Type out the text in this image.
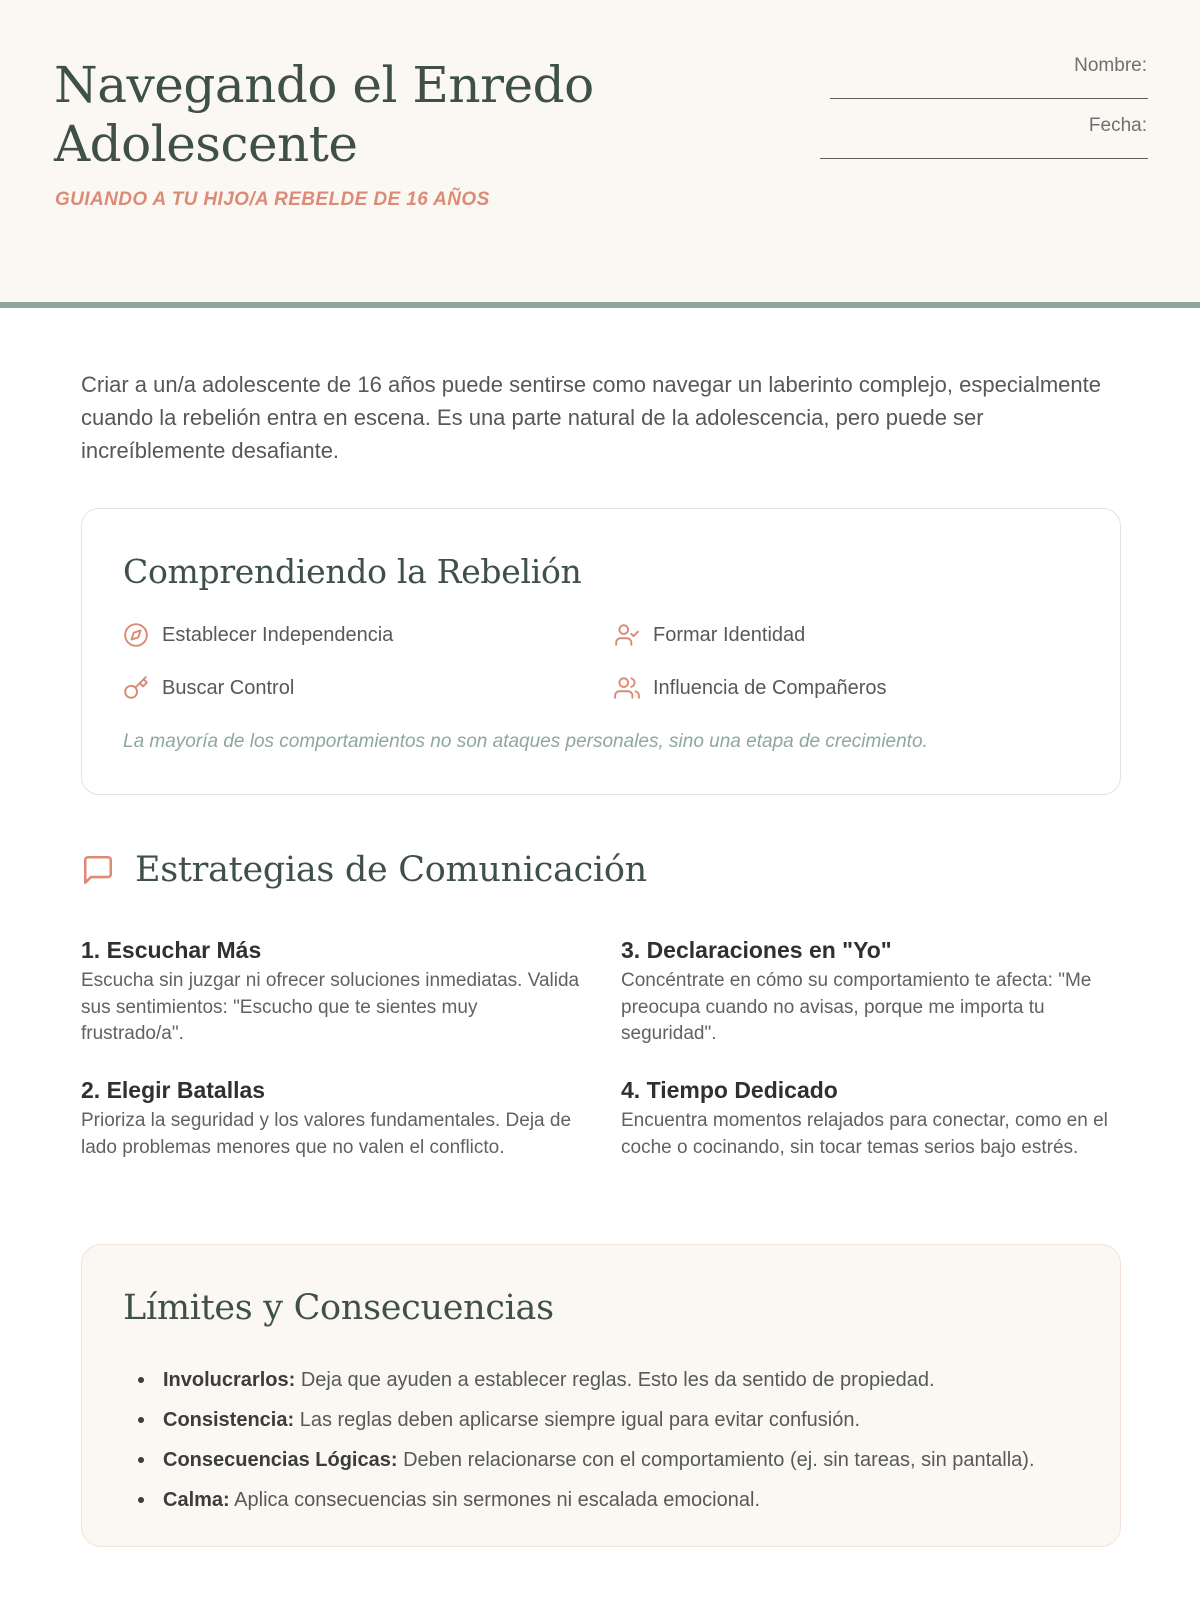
Navegando el Enredo Adolescente
GUIANDO A TU HIJO/A REBELDE DE 16 AÑOS
Nombre:
Fecha:

Criar a un/a adolescente de 16 años puede sentirse como navegar un laberinto complejo, especialmente cuando la rebelión entra en escena. Es una parte natural de la adolescencia, pero puede ser increíblemente desafiante.

Comprendiendo la Rebelión
Establecer Independencia	Formar Identidad
Buscar Control	Influencia de Compañeros
La mayoría de los comportamientos no son ataques personales, sino una etapa de crecimiento.
Estrategias de Comunicación
1. Escuchar Más

Escucha sin juzgar ni ofrecer soluciones inmediatas. Valida sus sentimientos: "Escucho que te sientes muy frustrado/a".

2. Elegir Batallas

Prioriza la seguridad y los valores fundamentales. Deja de lado problemas menores que no valen el conflicto.

3. Declaraciones en "Yo"

Concéntrate en cómo su comportamiento te afecta: "Me preocupa cuando no avisas, porque me importa tu seguridad".

4. Tiempo Dedicado

Encuentra momentos relajados para conectar, como en el coche o cocinando, sin tocar temas serios bajo estrés.

Límites y Consecuencias
Involucrarlos: Deja que ayuden a establecer reglas. Esto les da sentido de propiedad.
Consistencia: Las reglas deben aplicarse siempre igual para evitar confusión.
Consecuencias Lógicas: Deben relacionarse con el comportamiento (ej. sin tareas, sin pantalla).
Calma: Aplica consecuencias sin sermones ni escalada emocional.
